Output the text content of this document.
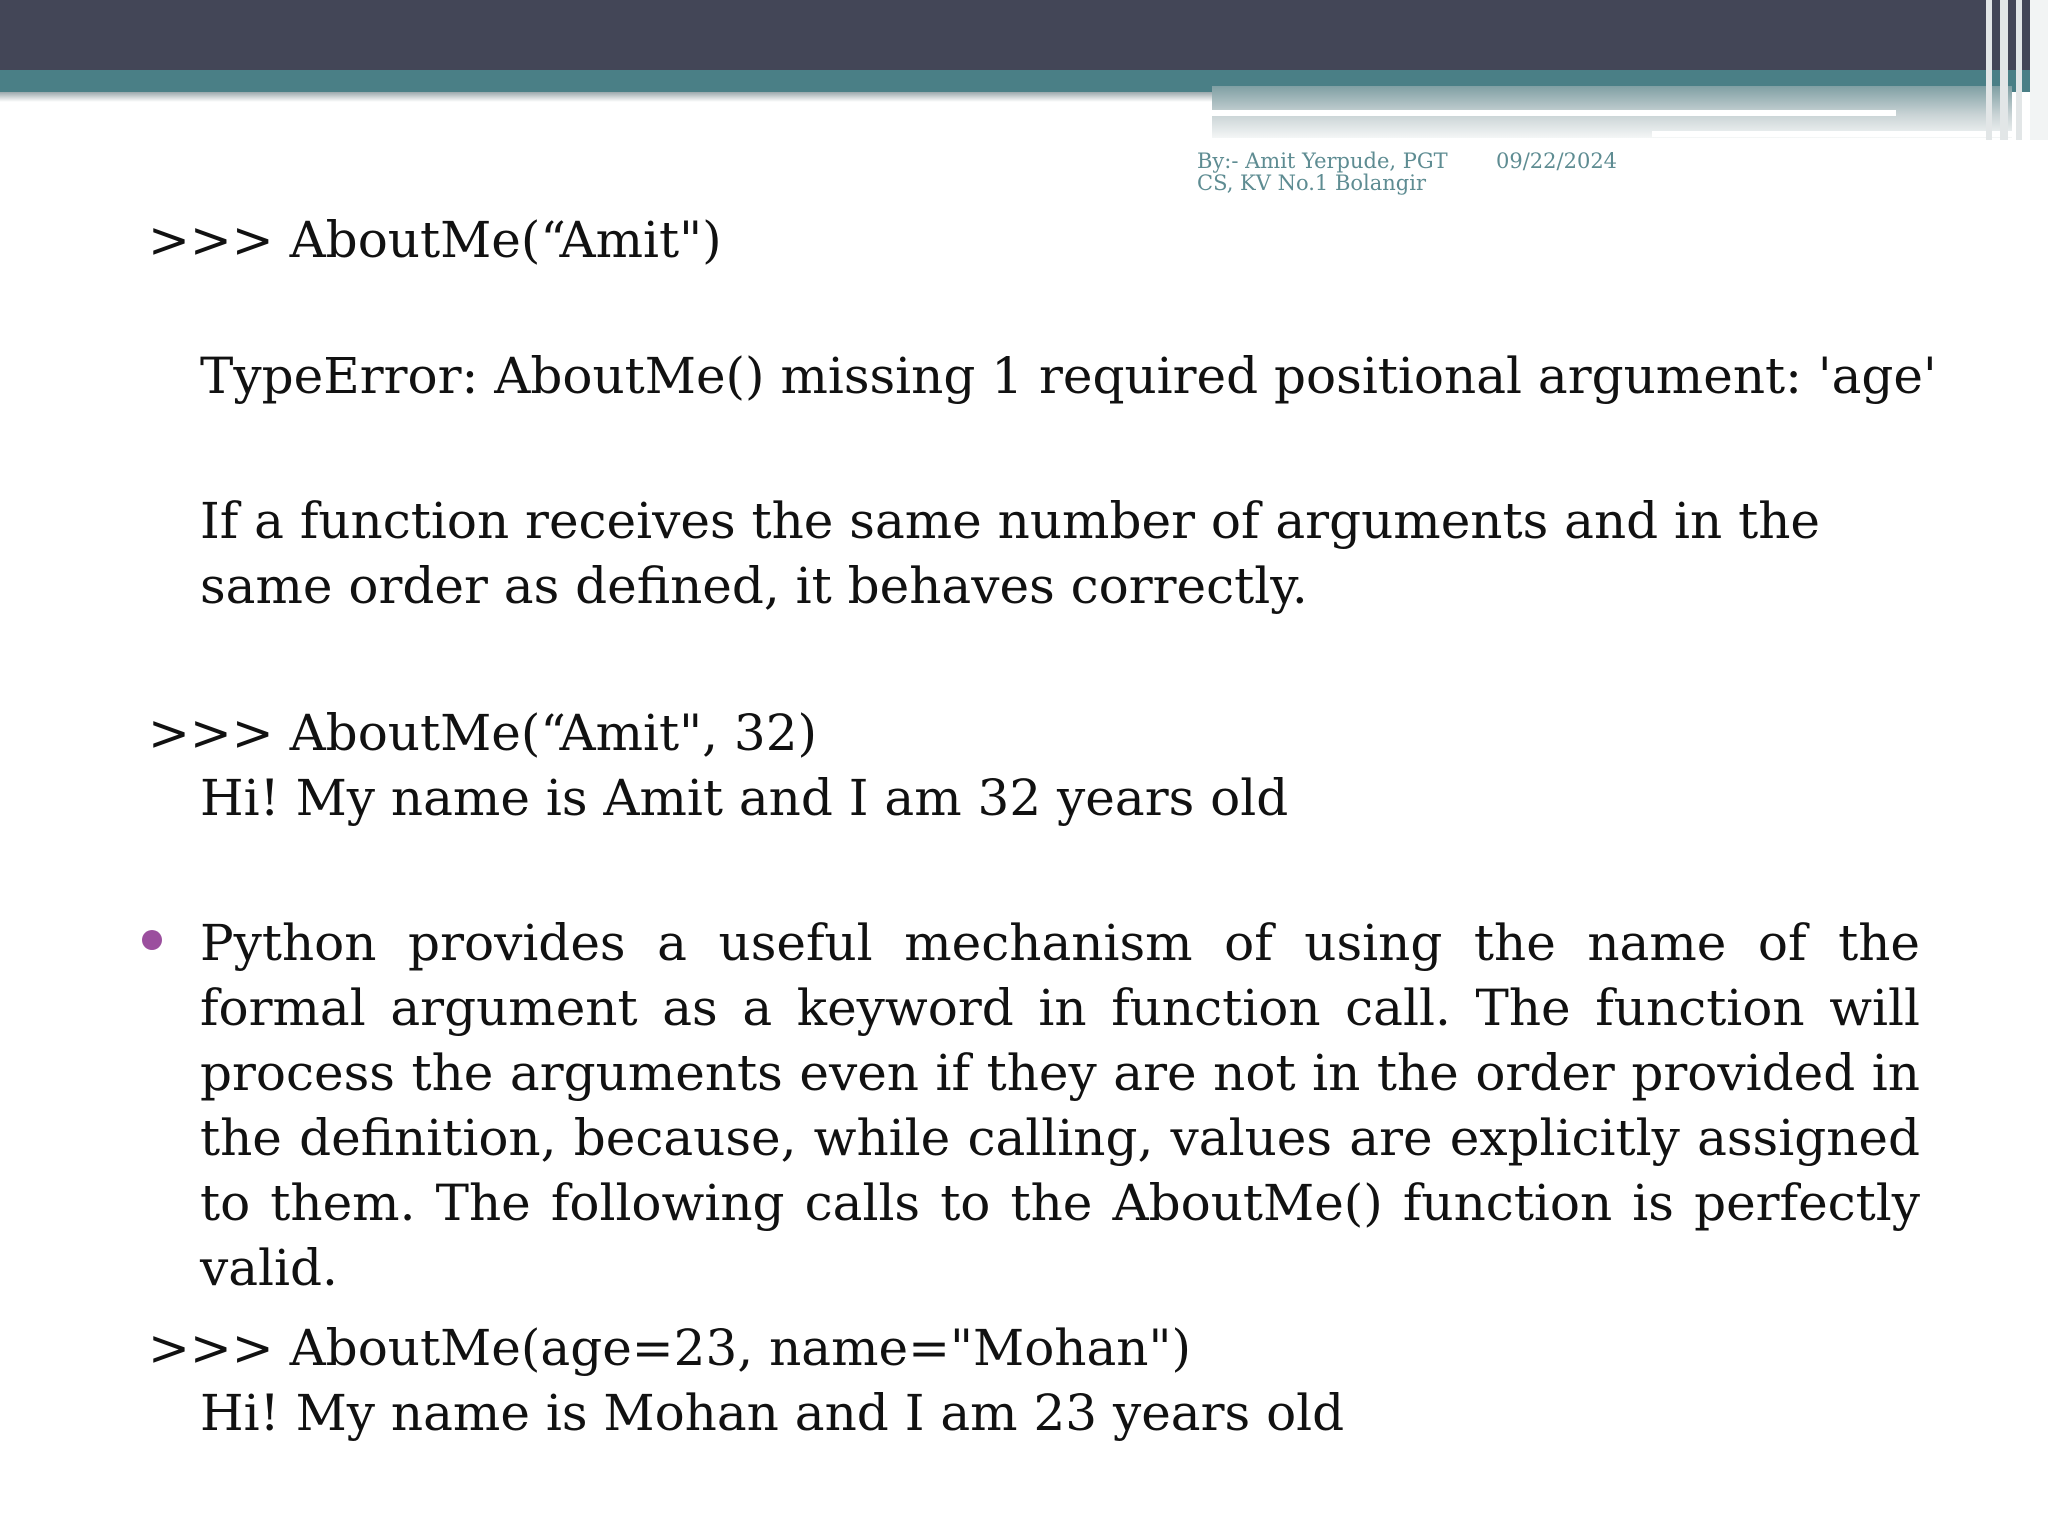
By:- Amit Yerpude, PGT CS, KV No.1 Bolangir
09/22/2024
>>> AboutMe(“Amit")
TypeError: AboutMe() missing 1 required positional argument: 'age'
If a function receives the same number of arguments and in the same order as defined, it behaves correctly.
>>> AboutMe(“Amit", 32)
Hi! My name is Amit and I am 32 years old
Python provides a useful mechanism of using the name of the formal argument as a keyword in function call. The function will process the arguments even if they are not in the order provided in the definition, because, while calling, values are explicitly assigned to them. The following calls to the AboutMe() function is perfectly valid.
>>> AboutMe(age=23, name="Mohan")
Hi! My name is Mohan and I am 23 years old
